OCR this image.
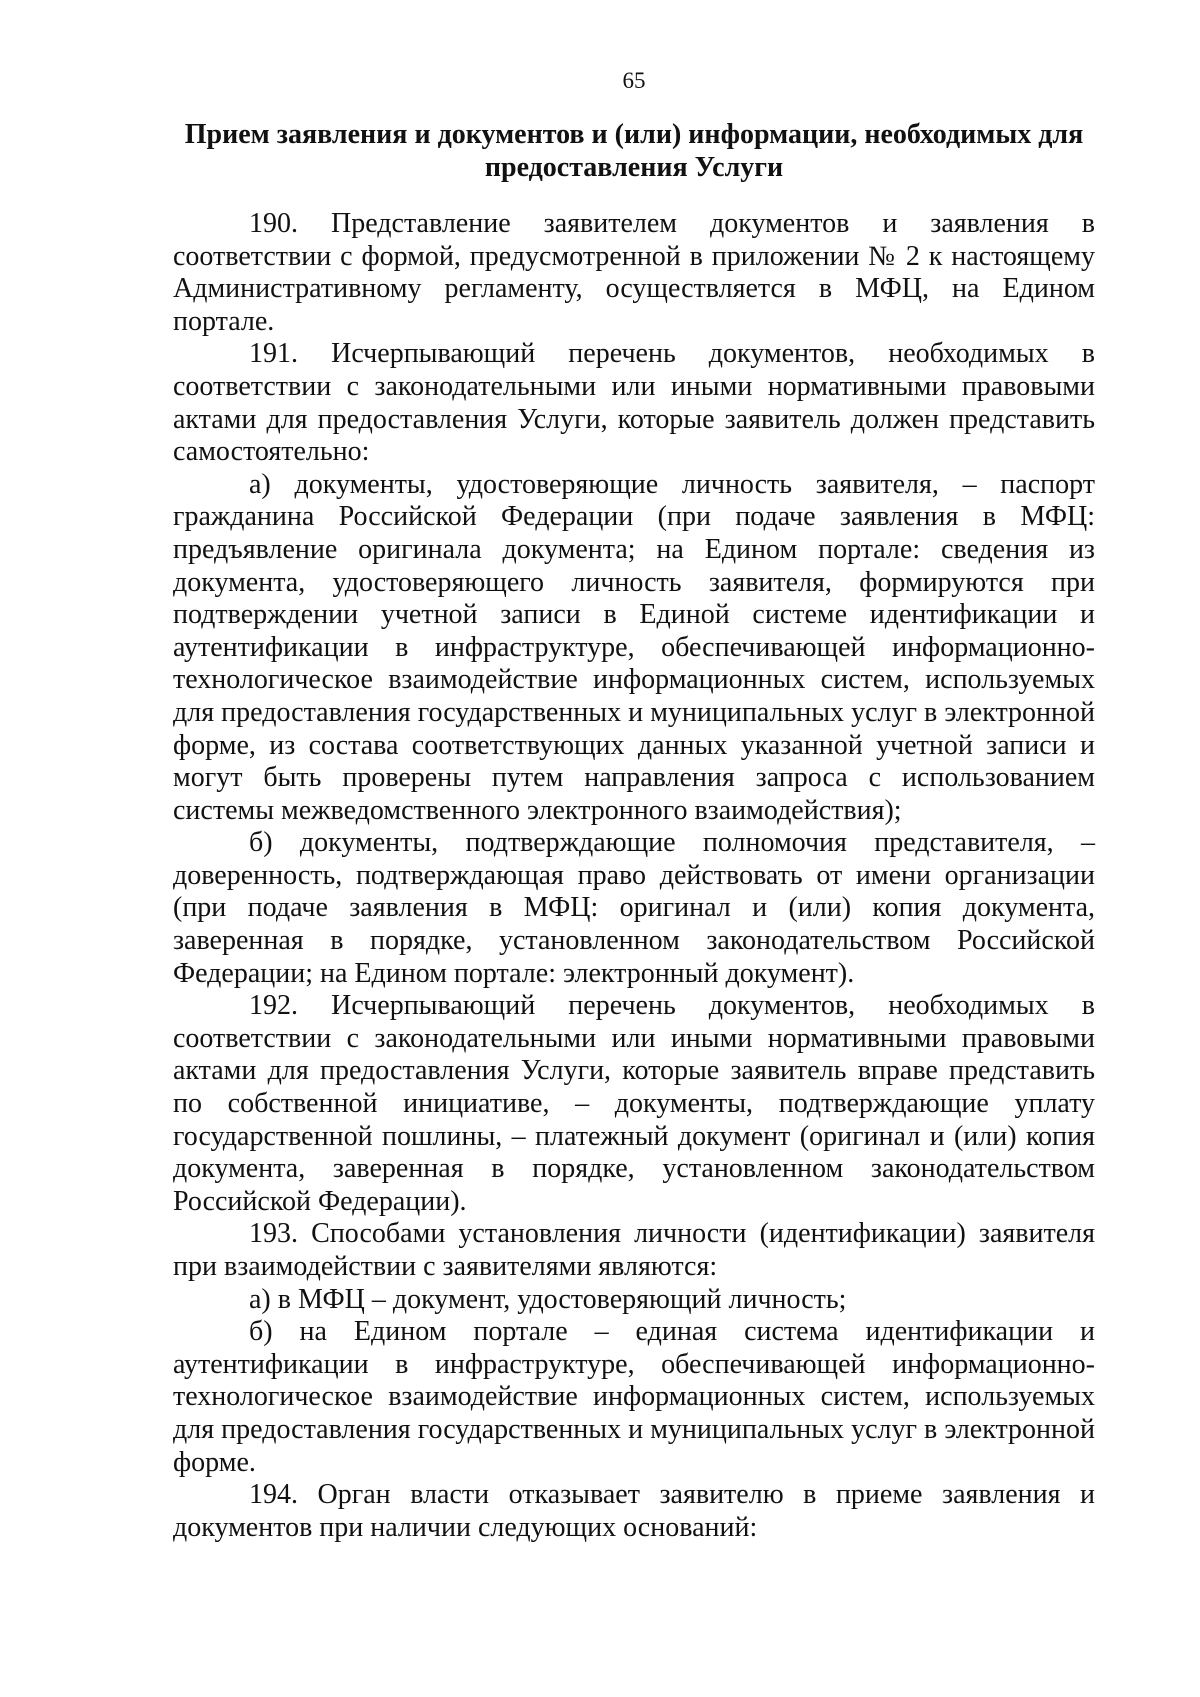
65
Прием заявления и документов и (или) информации, необходимых для предоставления Услуги

190. Представление заявителем документов и заявления в соответствии с формой, предусмотренной в приложении № 2 к настоящему Административному регламенту, осуществляется в МФЦ, на Едином портале.

191. Исчерпывающий перечень документов, необходимых в соответствии с законодательными или иными нормативными правовыми актами для предоставления Услуги, которые заявитель должен представить самостоятельно:

а) документы, удостоверяющие личность заявителя, – паспорт гражданина Российской Федерации (при подаче заявления в МФЦ: предъявление оригинала документа; на Едином портале: сведения из документа, удостоверяющего личность заявителя, формируются при подтверждении учетной записи в Единой системе идентификации и аутентификации в инфраструктуре, обеспечивающей информационно-технологическое взаимодействие информационных систем, используемых для предоставления государственных и муниципальных услуг в электронной форме, из состава соответствующих данных указанной учетной записи и могут быть проверены путем направления запроса с использованием системы межведомственного электронного взаимодействия);

б) документы, подтверждающие полномочия представителя, – доверенность, подтверждающая право действовать от имени организации (при подаче заявления в МФЦ: оригинал и (или) копия документа, заверенная в порядке, установленном законодательством Российской Федерации; на Едином портале: электронный документ).

192. Исчерпывающий перечень документов, необходимых в соответствии с законодательными или иными нормативными правовыми актами для предоставления Услуги, которые заявитель вправе представить по собственной инициативе, – документы, подтверждающие уплату государственной пошлины, – платежный документ (оригинал и (или) копия документа, заверенная в порядке, установленном законодательством Российской Федерации).

193. Способами установления личности (идентификации) заявителя при взаимодействии с заявителями являются:

а) в МФЦ – документ, удостоверяющий личность;

б) на Едином портале – единая система идентификации и аутентификации в инфраструктуре, обеспечивающей информационно-технологическое взаимодействие информационных систем, используемых для предоставления государственных и муниципальных услуг в электронной форме.

194. Орган власти отказывает заявителю в приеме заявления и документов при наличии следующих оснований:
